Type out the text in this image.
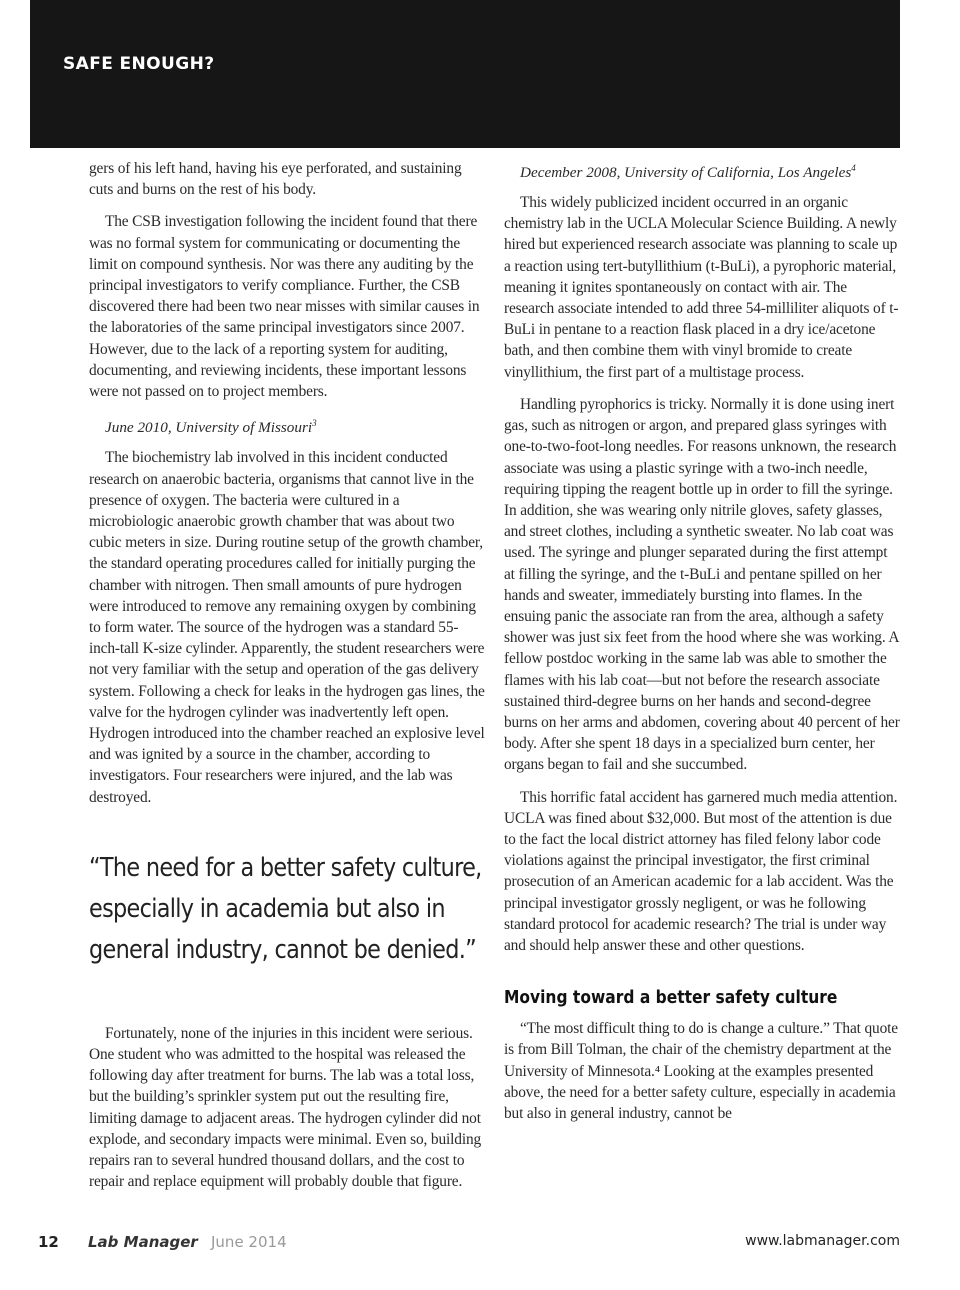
SAFE ENOUGH?

gers of his left hand, having his eye perforated, and sustaining cuts and burns on the rest of his body.

The CSB investigation following the incident found that there was no formal system for communicating or documenting the limit on compound synthesis. Nor was there any auditing by the principal investigators to verify compliance. Further, the CSB discovered there had been two near misses with similar causes in the laboratories of the same principal investigators since 2007. However, due to the lack of a reporting system for auditing, documenting, and reviewing incidents, these important lessons were not passed on to project members.

June 2010, University of Missouri$^3$

The biochemistry lab involved in this incident conducted research on anaerobic bacteria, organisms that cannot live in the presence of oxygen. The bacteria were cultured in a microbiologic anaerobic growth chamber that was about two cubic meters in size. During routine setup of the growth chamber, the standard operating procedures called for initially purging the chamber with nitrogen. Then small amounts of pure hydrogen were introduced to remove any remaining oxygen by combining to form water. The source of the hydrogen was a standard 55- inch-tall K-size cylinder. Apparently, the student researchers were not very familiar with the setup and operation of the gas delivery system. Following a check for leaks in the hydrogen gas lines, the valve for the hydrogen cylinder was inadvertently left open. Hydrogen introduced into the chamber reached an explosive level and was ignited by a source in the chamber, according to investigators. Four researchers were injured, and the lab was destroyed.

“The need for a better safety culture, especially in academia but also in general industry, cannot be denied.”

Fortunately, none of the injuries in this incident were serious. One student who was admitted to the hospital was released the following day after treatment for burns. The lab was a total loss, but the building’s sprinkler system put out the resulting fire, limiting damage to adjacent areas. The hydrogen cylinder did not explode, and secondary impacts were minimal. Even so, building repairs ran to several hundred thousand dollars, and the cost to repair and replace equipment will probably double that figure.

December 2008, University of California, Los Angeles$^4$

This widely publicized incident occurred in an organic chemistry lab in the UCLA Molecular Science Building. A newly hired but experienced research associate was planning to scale up a reaction using tert-butyllithium (t-BuLi), a pyrophoric material, meaning it ignites spontaneously on contact with air. The research associate intended to add three 54-milliliter aliquots of t-BuLi in pentane to a reaction flask placed in a dry ice/acetone bath, and then combine them with vinyl bromide to create vinyllithium, the first part of a multistage process.

Handling pyrophorics is tricky. Normally it is done using inert gas, such as nitrogen or argon, and prepared glass syringes with one-to-two-foot-long needles. For reasons unknown, the research associate was using a plastic syringe with a two-inch needle, requiring tipping the reagent bottle up in order to fill the syringe. In addition, she was wearing only nitrile gloves, safety glasses, and street clothes, including a synthetic sweater. No lab coat was used. The syringe and plunger separated during the first attempt at filling the syringe, and the t-BuLi and pentane spilled on her hands and sweater, immediately bursting into flames. In the ensuing panic the associate ran from the area, although a safety shower was just six feet from the hood where she was working. A fellow postdoc working in the same lab was able to smother the flames with his lab coat—but not before the research associate sustained third-degree burns on her hands and second-degree burns on her arms and abdomen, covering about 40 percent of her body. After she spent 18 days in a specialized burn center, her organs began to fail and she succumbed.

This horrific fatal accident has garnered much media attention. UCLA was fined about $32,000. But most of the attention is due to the fact the local district attorney has filed felony labor code violations against the principal investigator, the first criminal prosecution of an American academic for a lab accident. Was the principal investigator grossly negligent, or was he following standard protocol for academic research? The trial is under way and should help answer these and other questions.

Moving toward a better safety culture

“The most difficult thing to do is change a culture.” That quote is from Bill Tolman, the chair of the chemistry department at the University of Minnesota.⁴ Looking at the examples presented above, the need for a better safety culture, especially in academia but also in general industry, cannot be

12 Lab Manager June 2014	www.labmanager.com
